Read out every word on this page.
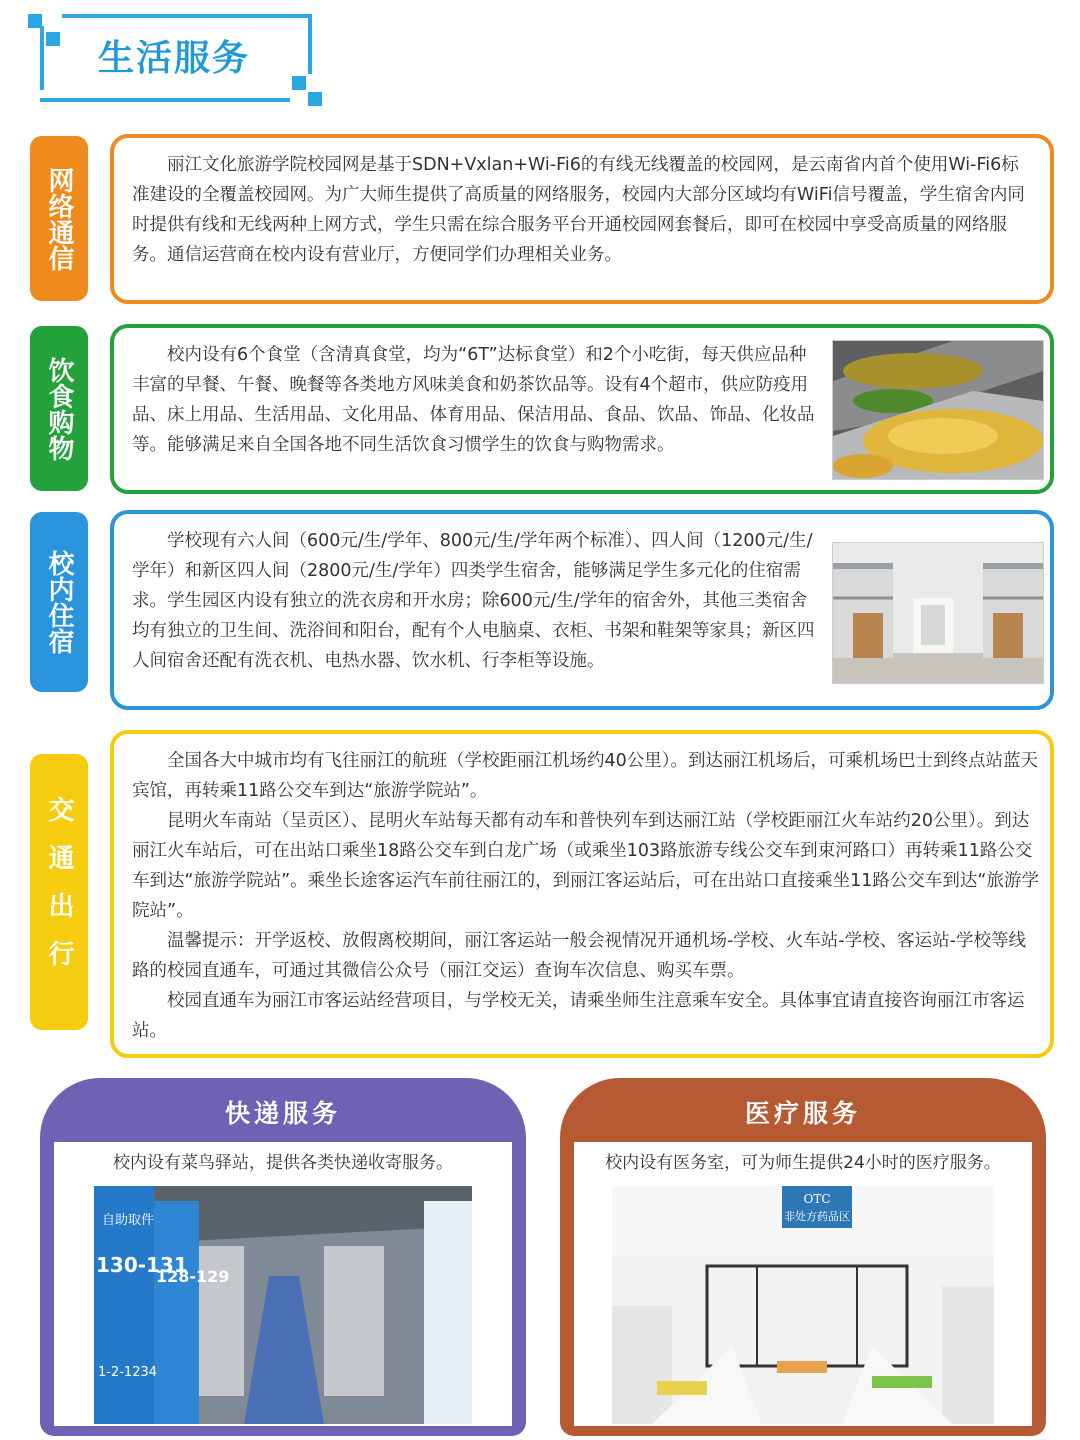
生活服务
网络通信

丽江文化旅游学院校园网是基于SDN+Vxlan+Wi-Fi6的有线无线覆盖的校园网，是云南省内首个使用Wi-Fi6标准建设的全覆盖校园网。为广大师生提供了高质量的网络服务，校园内大部分区域均有WiFi信号覆盖，学生宿舍内同时提供有线和无线两种上网方式，学生只需在综合服务平台开通校园网套餐后，即可在校园中享受高质量的网络服务。通信运营商在校内设有营业厅，方便同学们办理相关业务。

饮食购物

校内设有6个食堂（含清真食堂，均为“6T”达标食堂）和2个小吃街，每天供应品种丰富的早餐、午餐、晚餐等各类地方风味美食和奶茶饮品等。设有4个超市，供应防疫用品、床上用品、生活用品、文化用品、体育用品、保洁用品、食品、饮品、饰品、化妆品等。能够满足来自全国各地不同生活饮食习惯学生的饮食与购物需求。

校内住宿

学校现有六人间（600元/生/学年、800元/生/学年两个标准）、四人间（1200元/生/学年）和新区四人间（2800元/生/学年）四类学生宿舍，能够满足学生多元化的住宿需求。学生园区内设有独立的洗衣房和开水房；除600元/生/学年的宿舍外，其他三类宿舍均有独立的卫生间、洗浴间和阳台，配有个人电脑桌、衣柜、书架和鞋架等家具；新区四人间宿舍还配有洗衣机、电热水器、饮水机、行李柜等设施。

交通出行

全国各大中城市均有飞往丽江的航班（学校距丽江机场约40公里）。到达丽江机场后，可乘机场巴士到终点站蓝天宾馆，再转乘11路公交车到达“旅游学院站”。

昆明火车南站（呈贡区）、昆明火车站每天都有动车和普快列车到达丽江站（学校距丽江火车站约20公里）。到达丽江火车站后，可在出站口乘坐18路公交车到白龙广场（或乘坐103路旅游专线公交车到束河路口）再转乘11路公交车到达“旅游学院站”。乘坐长途客运汽车前往丽江的，到丽江客运站后，可在出站口直接乘坐11路公交车到达“旅游学院站”。

温馨提示：开学返校、放假离校期间，丽江客运站一般会视情况开通机场-学校、火车站-学校、客运站-学校等线路的校园直通车，可通过其微信公众号（丽江交运）查询车次信息、购买车票。

校园直通车为丽江市客运站经营项目，与学校无关，请乘坐师生注意乘车安全。具体事宜请直接咨询丽江市客运站。

快递服务
校内设有菜鸟驿站，提供各类快递收寄服务。
自助取件
130-131
128-129
1-2-1234
医疗服务
校内设有医务室，可为师生提供24小时的医疗服务。
OTC
非处方药品区
